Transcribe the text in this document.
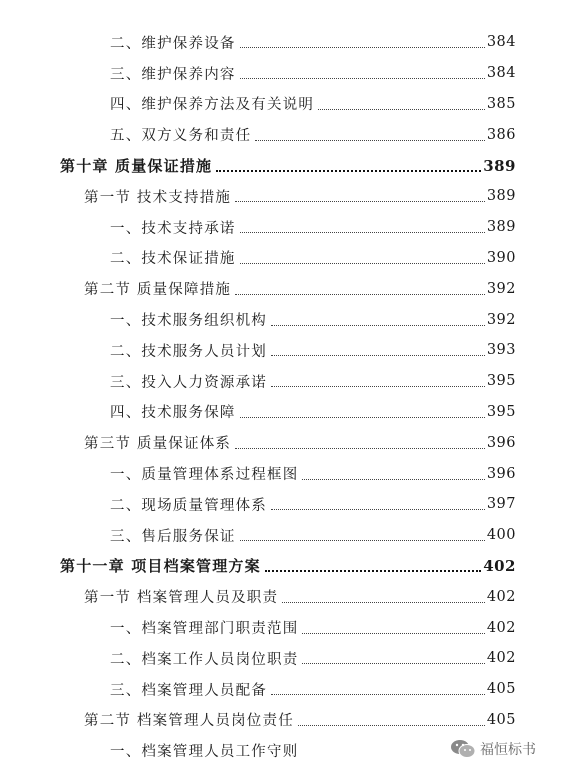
二、维护保养设备	384
三、维护保养内容	384
四、维护保养方法及有关说明	385
五、双方义务和责任	386
第十章 质量保证措施	389
第一节 技术支持措施	389
一、技术支持承诺	389
二、技术保证措施	390
第二节 质量保障措施	392
一、技术服务组织机构	392
二、技术服务人员计划	393
三、投入人力资源承诺	395
四、技术服务保障	395
第三节 质量保证体系	396
一、质量管理体系过程框图	396
二、现场质量管理体系	397
三、售后服务保证	400
第十一章 项目档案管理方案	402
第一节 档案管理人员及职责	402
一、档案管理部门职责范围	402
二、档案工作人员岗位职责	402
三、档案管理人员配备	405
第二节 档案管理人员岗位责任	405
一、档案管理人员工作守则	福恒标书
